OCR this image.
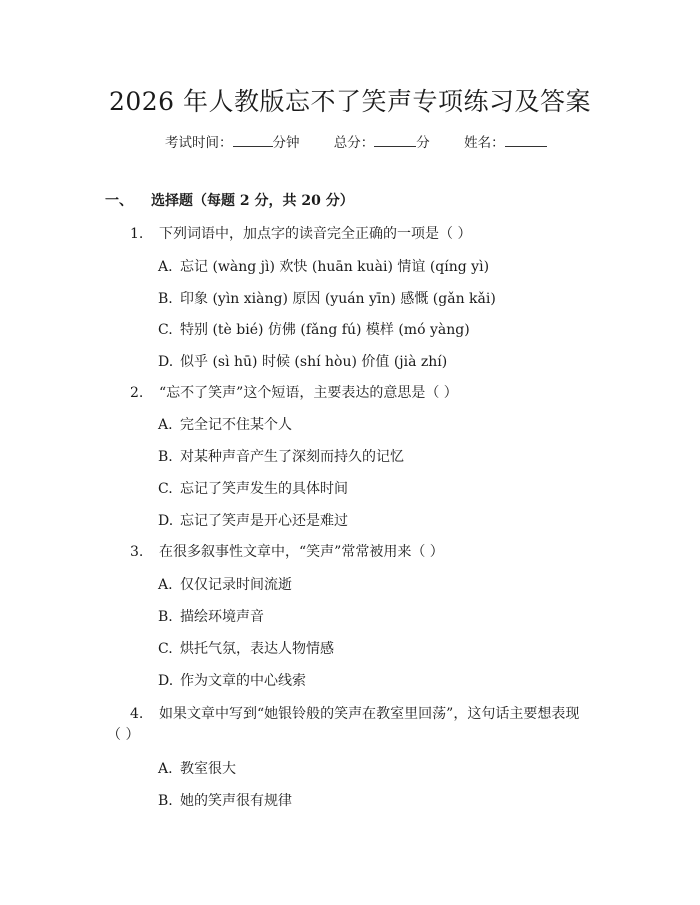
2026 年人教版忘不了笑声专项练习及答案
考试时间：	分钟	总分：	分	姓名：
一、 选择题（每题 2 分，共 20 分）
1. 下列词语中，加点字的读音完全正确的一项是（ ）
A. 忘记 (wàng jì) 欢快 (huān kuài) 情谊 (qíng yì)
B. 印象 (yìn xiàng) 原因 (yuán yīn) 感慨 (gǎn kǎi)
C. 特别 (tè bié) 仿佛 (fǎng fú) 模样 (mó yàng)
D. 似乎 (sì hū) 时候 (shí hòu) 价值 (jià zhí)
2. “忘不了笑声”这个短语，主要表达的意思是（ ）
A. 完全记不住某个人
B. 对某种声音产生了深刻而持久的记忆
C. 忘记了笑声发生的具体时间
D. 忘记了笑声是开心还是难过
3. 在很多叙事性文章中，“笑声”常常被用来（ ）
A. 仅仅记录时间流逝
B. 描绘环境声音
C. 烘托气氛，表达人物情感
D. 作为文章的中心线索
4. 如果文章中写到“她银铃般的笑声在教室里回荡”，这句话主要想表现
（ ）
A. 教室很大
B. 她的笑声很有规律
